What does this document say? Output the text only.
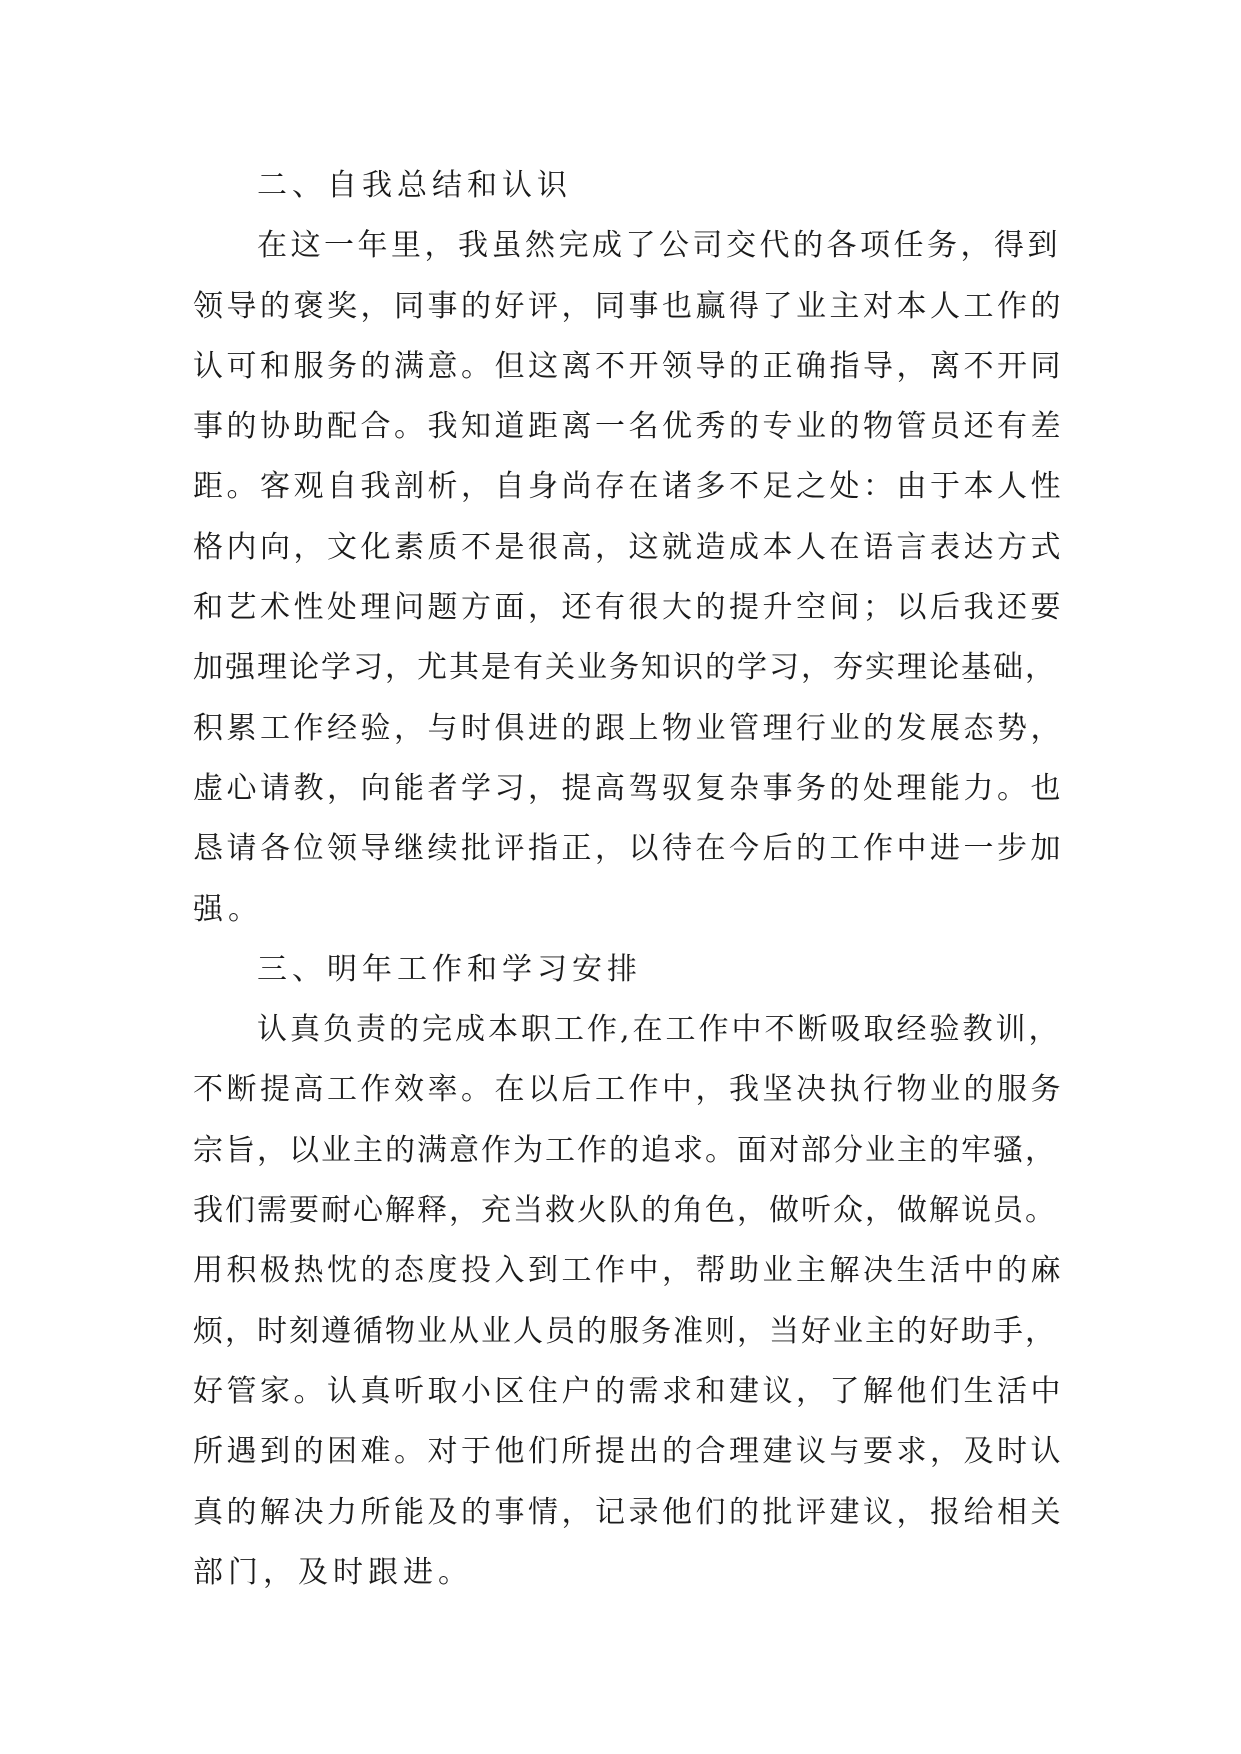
二、自我总结和认识
在这一年里，我虽然完成了公司交代的各项任务，得到
领导的褒奖，同事的好评，同事也赢得了业主对本人工作的
认可和服务的满意。但这离不开领导的正确指导，离不开同
事的协助配合。我知道距离一名优秀的专业的物管员还有差
距。客观自我剖析，自身尚存在诸多不足之处：由于本人性
格内向，文化素质不是很高，这就造成本人在语言表达方式
和艺术性处理问题方面，还有很大的提升空间；以后我还要
加强理论学习，尤其是有关业务知识的学习，夯实理论基础，
积累工作经验，与时俱进的跟上物业管理行业的发展态势，
虚心请教，向能者学习，提高驾驭复杂事务的处理能力。也
恳请各位领导继续批评指正，以待在今后的工作中进一步加
强。
三、明年工作和学习安排
认真负责的完成本职工作,在工作中不断吸取经验教训，
不断提高工作效率。在以后工作中，我坚决执行物业的服务
宗旨，以业主的满意作为工作的追求。面对部分业主的牢骚，
我们需要耐心解释，充当救火队的角色，做听众，做解说员。
用积极热忱的态度投入到工作中，帮助业主解决生活中的麻
烦，时刻遵循物业从业人员的服务准则，当好业主的好助手，
好管家。认真听取小区住户的需求和建议，了解他们生活中
所遇到的困难。对于他们所提出的合理建议与要求，及时认
真的解决力所能及的事情，记录他们的批评建议，报给相关
部门，及时跟进。
